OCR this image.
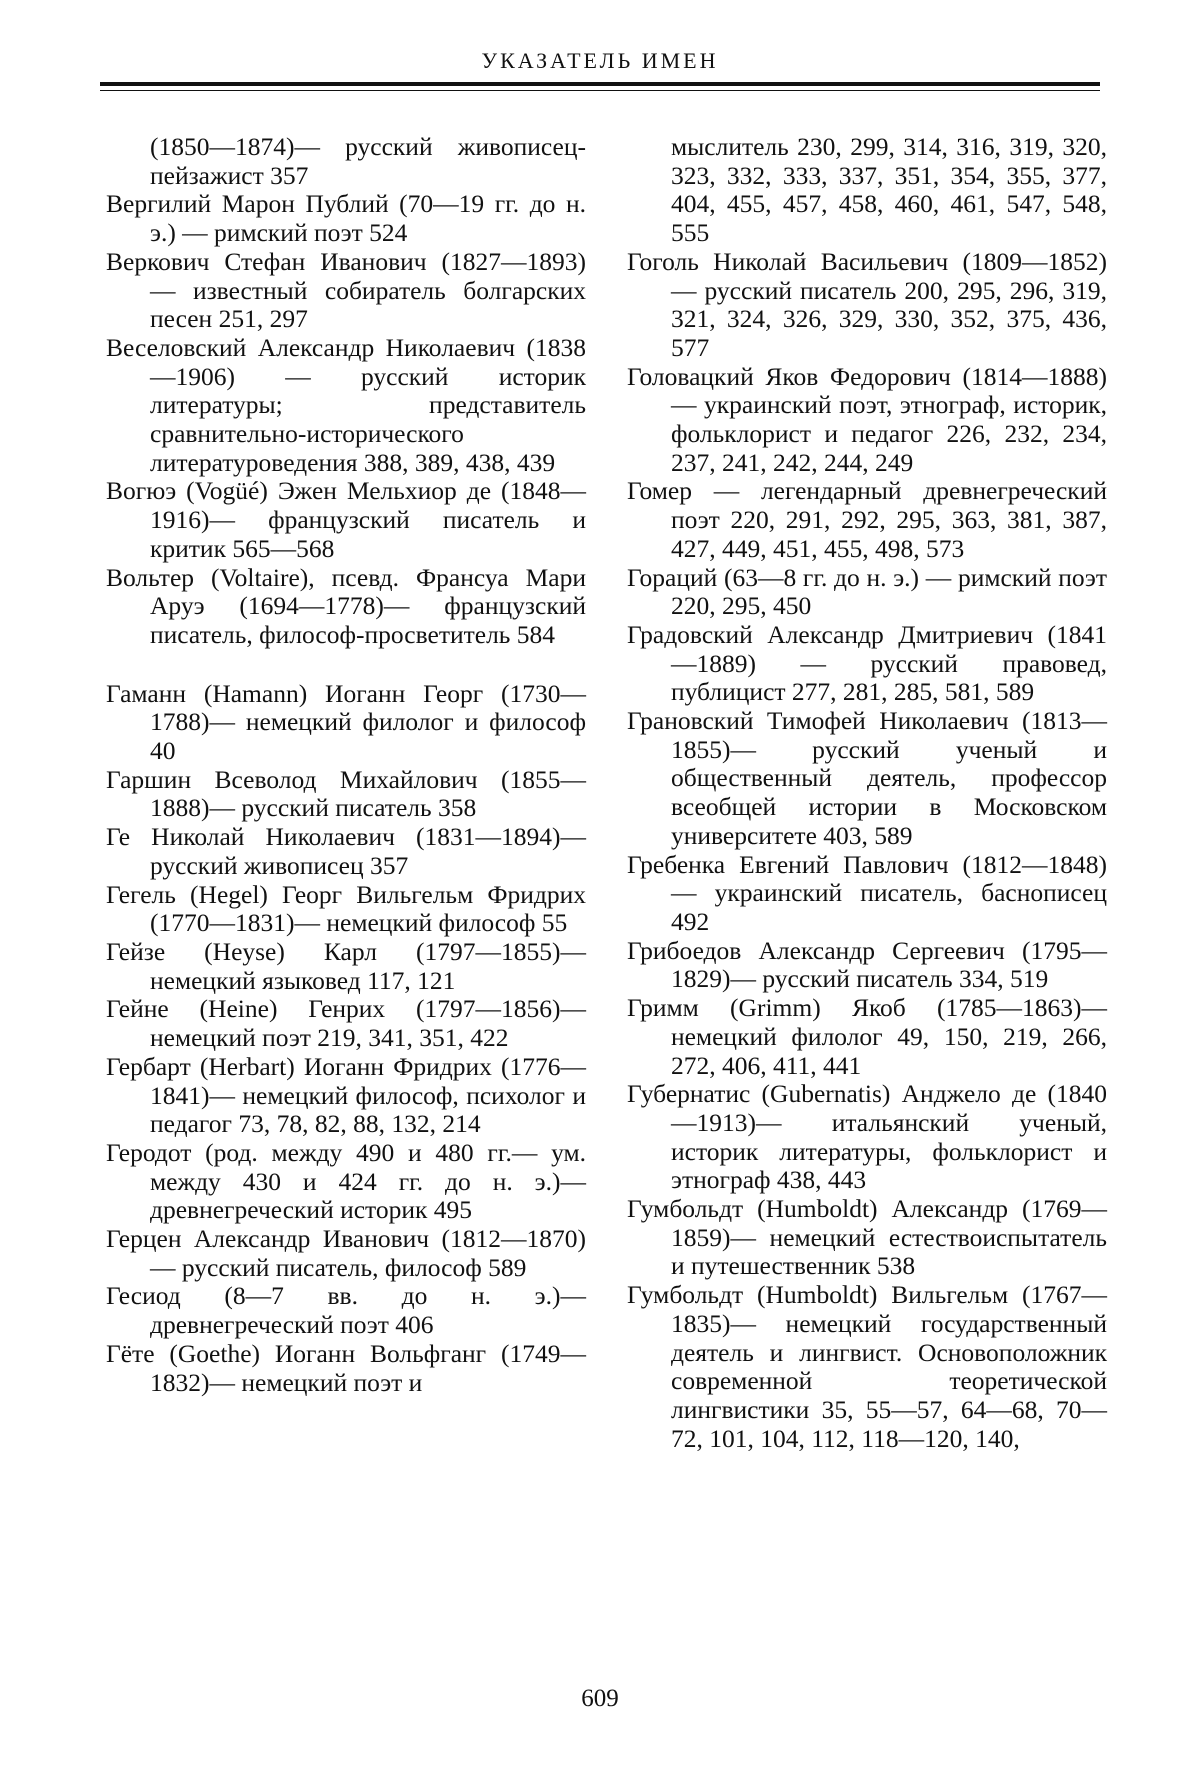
УКАЗАТЕЛЬ ИМЕН
(1850—1874)— русский живописец-пейзажист 357
Вергилий Марон Публий (70—19 гг. до н. э.) — римский поэт 524
Веркович Стефан Иванович (1827—1893) — известный собиратель болгарских песен 251, 297
Веселовский Александр Николаевич (1838—1906) — русский историк литературы; представитель сравнительно-исторического литературоведения 388, 389, 438, 439
Вогюэ (Vogüé) Эжен Мельхиор де (1848—1916)— французский писатель и критик 565—568
Вольтер (Voltaire), псевд. Франсуа Мари Аруэ (1694—1778)— французский писатель, философ-просветитель 584
Гаманн (Hamann) Иоганн Георг (1730—1788)— немецкий филолог и философ 40
Гаршин Всеволод Михайлович (1855—1888)— русский писатель 358
Ге Николай Николаевич (1831—1894)— русский живописец 357
Гегель (Hegel) Георг Вильгельм Фридрих (1770—1831)— немецкий философ 55
Гейзе (Heyse) Карл (1797—1855)— немецкий языковед 117, 121
Гейне (Heine) Генрих (1797—1856)— немецкий поэт 219, 341, 351, 422
Гербарт (Herbart) Иоганн Фридрих (1776—1841)— немецкий философ, психолог и педагог 73, 78, 82, 88, 132, 214
Геродот (род. между 490 и 480 гг.— ум. между 430 и 424 гг. до н. э.)— древнегреческий историк 495
Герцен Александр Иванович (1812—1870)— русский писатель, философ 589
Гесиод (8—7 вв. до н. э.)— древнегреческий поэт 406
Гёте (Goethe) Иоганн Вольфганг (1749—1832)— немецкий поэт и
мыслитель 230, 299, 314, 316, 319, 320, 323, 332, 333, 337, 351, 354, 355, 377, 404, 455, 457, 458, 460, 461, 547, 548, 555
Гоголь Николай Васильевич (1809—1852)— русский писатель 200, 295, 296, 319, 321, 324, 326, 329, 330, 352, 375, 436, 577
Головацкий Яков Федорович (1814—1888)— украинский поэт, этнограф, историк, фольклорист и педагог 226, 232, 234, 237, 241, 242, 244, 249
Гомер — легендарный древнегреческий поэт 220, 291, 292, 295, 363, 381, 387, 427, 449, 451, 455, 498, 573
Гораций (63—8 гг. до н. э.) — римский поэт 220, 295, 450
Градовский Александр Дмитриевич (1841—1889) — русский правовед, публицист 277, 281, 285, 581, 589
Грановский Тимофей Николаевич (1813—1855)— русский ученый и общественный деятель, профессор всеобщей истории в Московском университете 403, 589
Гребенка Евгений Павлович (1812—1848)— украинский писатель, баснописец 492
Грибоедов Александр Сергеевич (1795—1829)— русский писатель 334, 519
Гримм (Grimm) Якоб (1785—1863)— немецкий филолог 49, 150, 219, 266, 272, 406, 411, 441
Губернатис (Gubernatis) Анджело де (1840—1913)— итальянский ученый, историк литературы, фольклорист и этнограф 438, 443
Гумбольдт (Humboldt) Александр (1769—1859)— немецкий естествоиспытатель и путешественник 538
Гумбольдт (Humboldt) Вильгельм (1767—1835)— немецкий государственный деятель и лингвист. Основоположник современной теоретической лингвистики 35, 55—57, 64—68, 70—72, 101, 104, 112, 118—120, 140,
609
